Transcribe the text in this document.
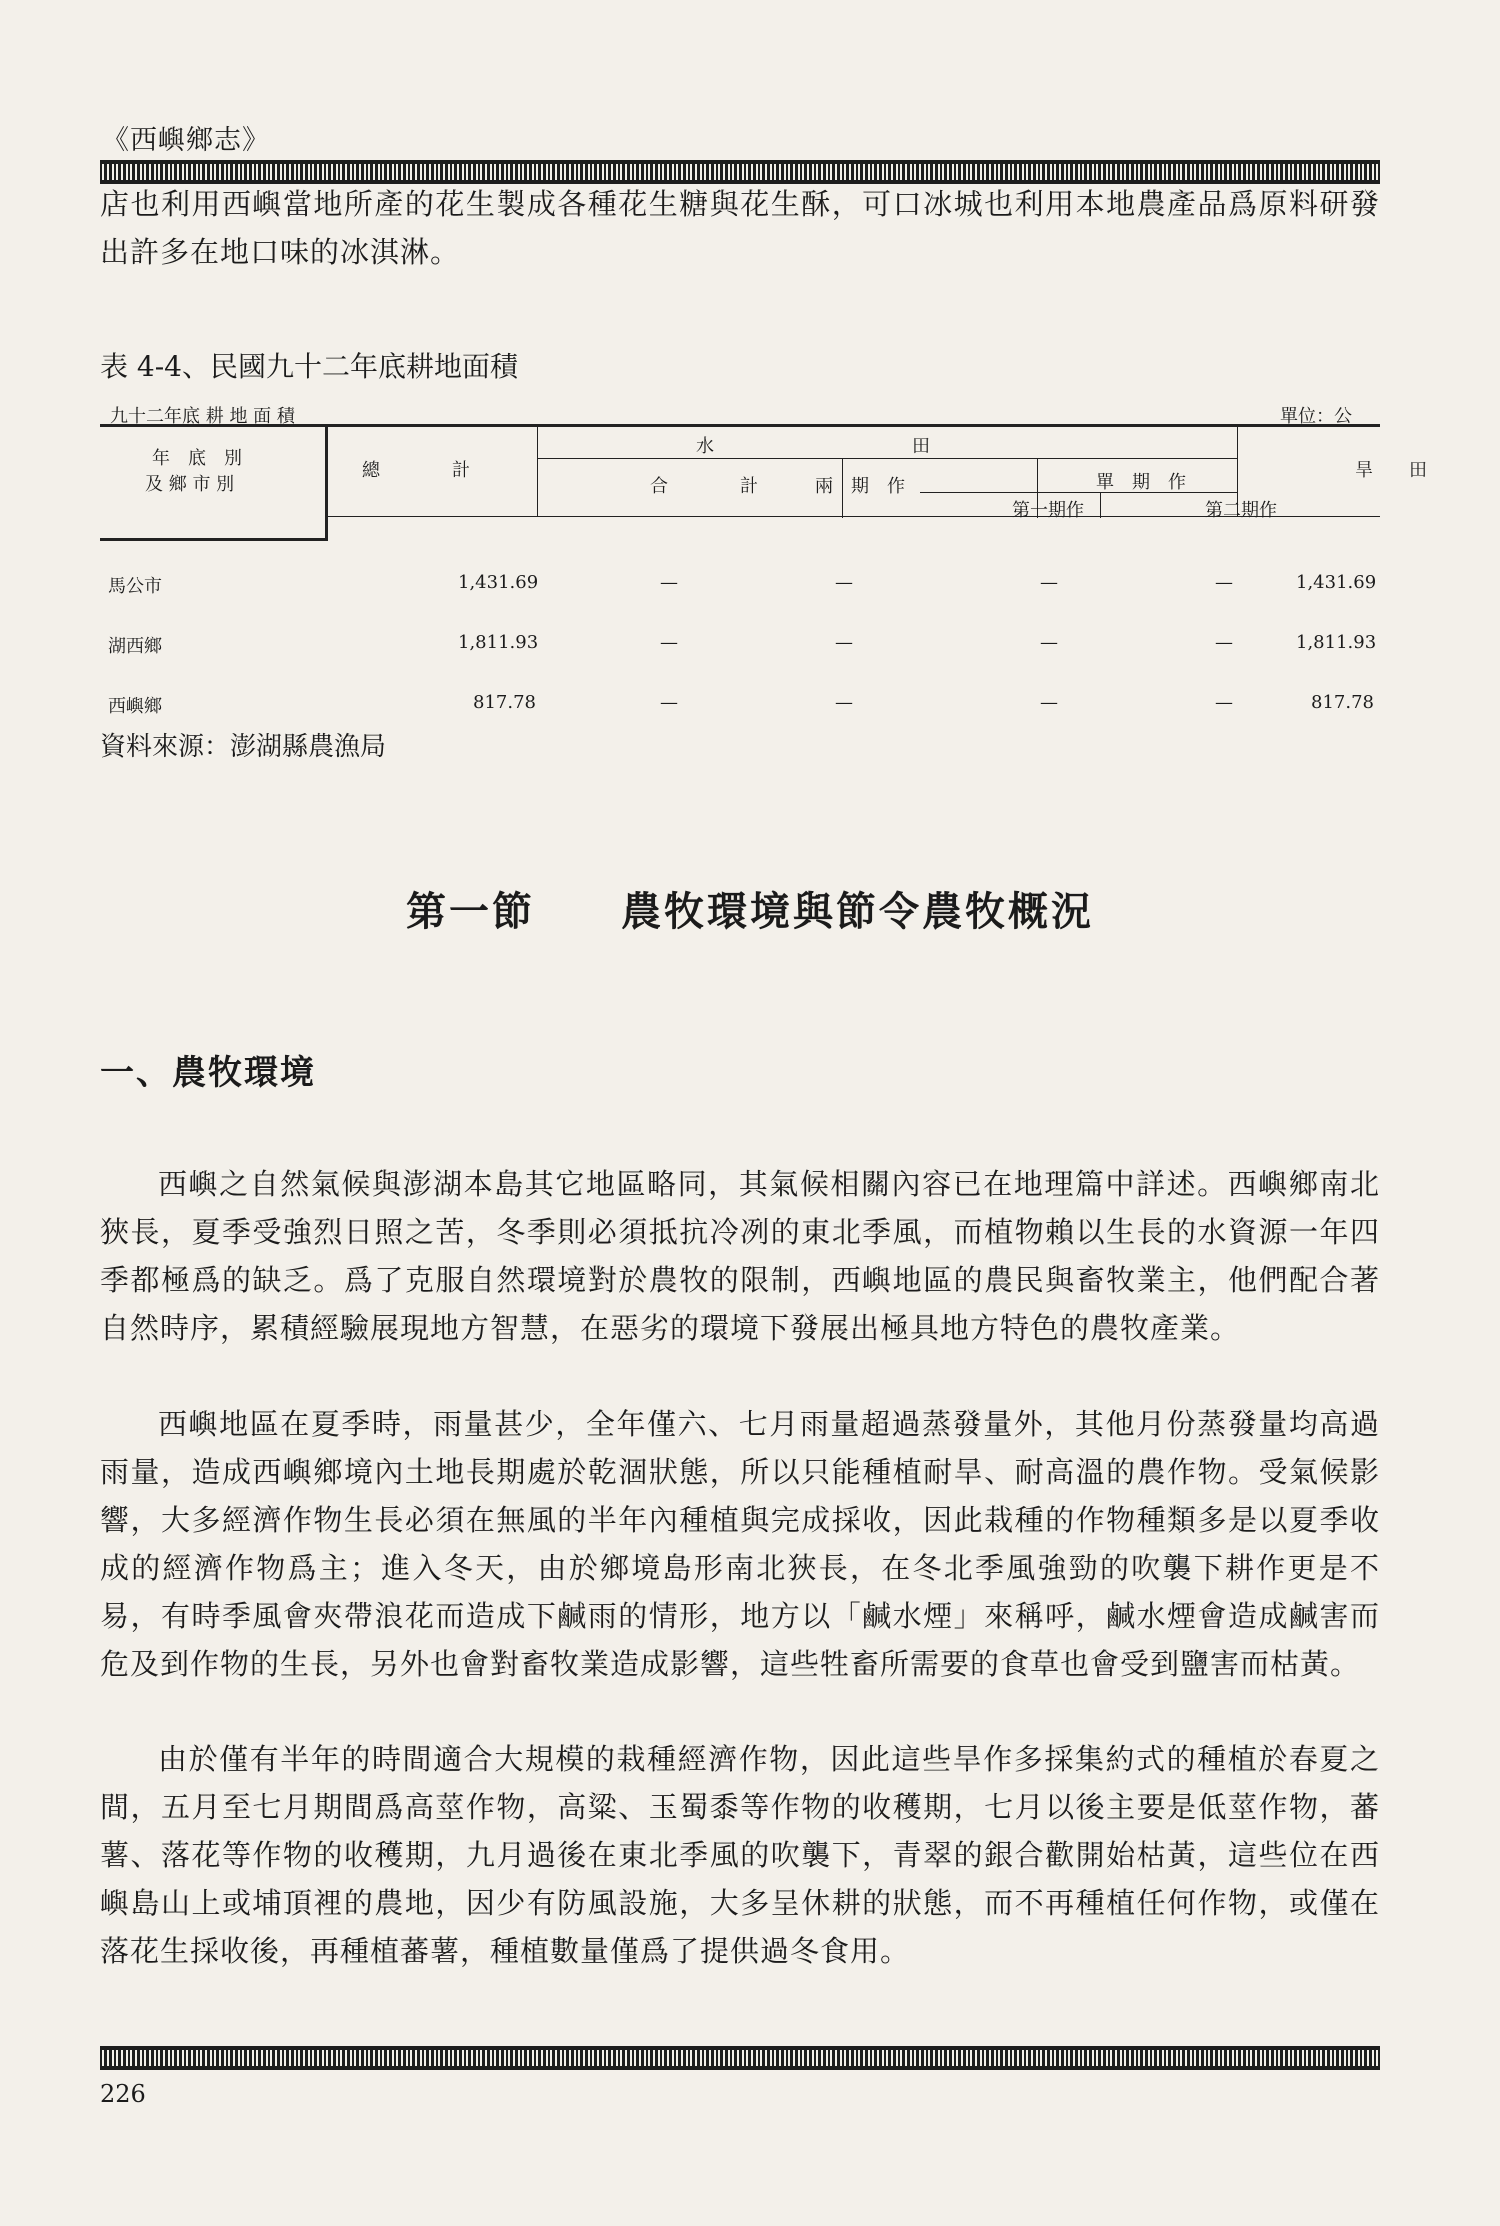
《西嶼鄉志》
店也利用西嶼當地所產的花生製成各種花生糖與花生酥，可口冰城也利用本地農產品爲原料研發出許多在地口味的冰淇淋。
表 4-4、民國九十二年底耕地面積
九十二年底 耕 地 面 積	單位：公
年　底　別
及 鄉 市 別
總　　　　計
水　　　　　　　　　　　田
合　　　　計	兩　期　作	單　期　作
第一期作	第二期作
旱　　田
馬公市	1,431.69	—	—	—	—	1,431.69
湖西鄉	1,811.93	—	—	—	—	1,811.93
西嶼鄉	817.78	—	—	—	—	817.78
資料來源：澎湖縣農漁局
第一節　　農牧環境與節令農牧概況
一、農牧環境
西嶼之自然氣候與澎湖本島其它地區略同，其氣候相關內容已在地理篇中詳述。西嶼鄉南北狹長，夏季受強烈日照之苦，冬季則必須抵抗冷冽的東北季風，而植物賴以生長的水資源一年四季都極爲的缺乏。爲了克服自然環境對於農牧的限制，西嶼地區的農民與畜牧業主，他們配合著自然時序，累積經驗展現地方智慧，在惡劣的環境下發展出極具地方特色的農牧產業。
西嶼地區在夏季時，雨量甚少，全年僅六、七月雨量超過蒸發量外，其他月份蒸發量均高過雨量，造成西嶼鄉境內土地長期處於乾涸狀態，所以只能種植耐旱、耐高溫的農作物。受氣候影響，大多經濟作物生長必須在無風的半年內種植與完成採收，因此栽種的作物種類多是以夏季收成的經濟作物爲主；進入冬天，由於鄉境島形南北狹長，在冬北季風強勁的吹襲下耕作更是不易，有時季風會夾帶浪花而造成下鹹雨的情形，地方以「鹹水煙」來稱呼，鹹水煙會造成鹹害而危及到作物的生長，另外也會對畜牧業造成影響，這些牲畜所需要的食草也會受到鹽害而枯黃。
由於僅有半年的時間適合大規模的栽種經濟作物，因此這些旱作多採集約式的種植於春夏之間，五月至七月期間爲高莖作物，高粱、玉蜀黍等作物的收穫期，七月以後主要是低莖作物，蕃薯、落花等作物的收穫期，九月過後在東北季風的吹襲下，青翠的銀合歡開始枯黃，這些位在西嶼島山上或埔頂裡的農地，因少有防風設施，大多呈休耕的狀態，而不再種植任何作物，或僅在落花生採收後，再種植蕃薯，種植數量僅爲了提供過冬食用。
226
